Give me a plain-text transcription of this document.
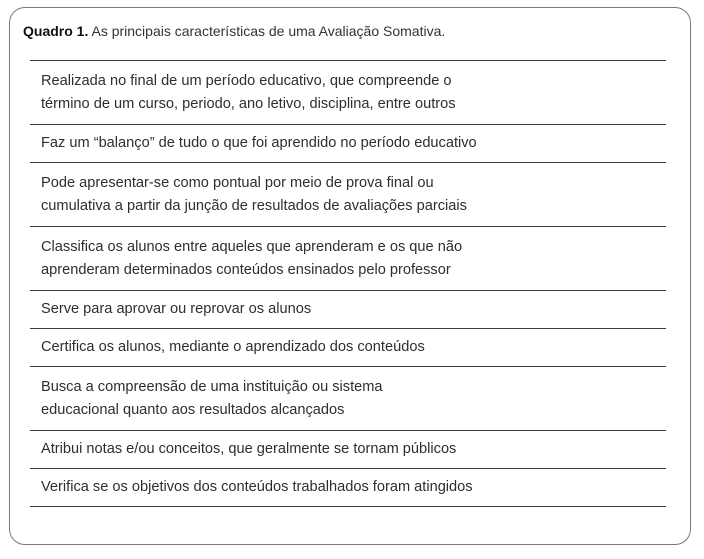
Quadro 1. As principais características de uma Avaliação Somativa.
Realizada no final de um período educativo, que compreende o
término de um curso, periodo, ano letivo, disciplina, entre outros
Faz um “balanço” de tudo o que foi aprendido no período educativo
Pode apresentar-se como pontual por meio de prova final ou
cumulativa a partir da junção de resultados de avaliações parciais
Classifica os alunos entre aqueles que aprenderam e os que não
aprenderam determinados conteúdos ensinados pelo professor
Serve para aprovar ou reprovar os alunos
Certifica os alunos, mediante o aprendizado dos conteúdos
Busca a compreensão de uma instituição ou sistema
educacional quanto aos resultados alcançados
Atribui notas e/ou conceitos, que geralmente se tornam públicos
Verifica se os objetivos dos conteúdos trabalhados foram atingidos
